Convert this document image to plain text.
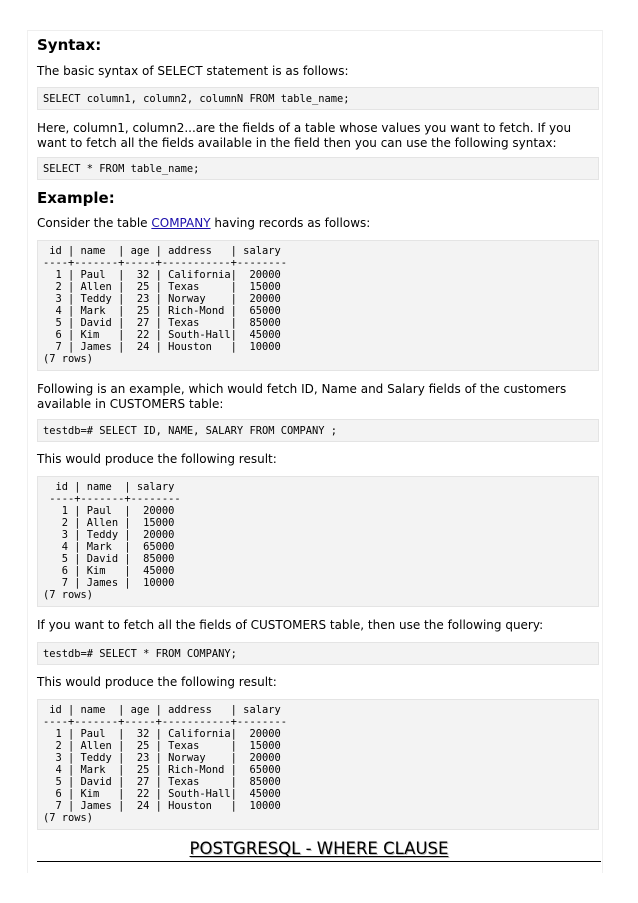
Syntax:

The basic syntax of SELECT statement is as follows:

SELECT column1, column2, columnN FROM table_name;

Here, column1, column2...are the fields of a table whose values you want to fetch. If you want to fetch all the fields available in the field then you can use the following syntax:

SELECT * FROM table_name;
Example:

Consider the table COMPANY having records as follows:

id | name  | age | address   | salary
----+-------+-----+-----------+--------
1 | Paul  |  32 | California|  20000
2 | Allen |  25 | Texas     |  15000
3 | Teddy |  23 | Norway    |  20000
4 | Mark  |  25 | Rich-Mond |  65000
5 | David |  27 | Texas     |  85000
6 | Kim   |  22 | South-Hall|  45000
7 | James |  24 | Houston   |  10000
(7 rows)

Following is an example, which would fetch ID, Name and Salary fields of the customers available in CUSTOMERS table:

testdb=# SELECT ID, NAME, SALARY FROM COMPANY ;

This would produce the following result:

id | name  | salary
----+-------+--------
1 | Paul  |  20000
2 | Allen |  15000
3 | Teddy |  20000
4 | Mark  |  65000
5 | David |  85000
6 | Kim   |  45000
7 | James |  10000
(7 rows)

If you want to fetch all the fields of CUSTOMERS table, then use the following query:

testdb=# SELECT * FROM COMPANY;

This would produce the following result:

id | name  | age | address   | salary
----+-------+-----+-----------+--------
1 | Paul  |  32 | California|  20000
2 | Allen |  25 | Texas     |  15000
3 | Teddy |  23 | Norway    |  20000
4 | Mark  |  25 | Rich-Mond |  65000
5 | David |  27 | Texas     |  85000
6 | Kim   |  22 | South-Hall|  45000
7 | James |  24 | Houston   |  10000
(7 rows)
POSTGRESQL - WHERE CLAUSE
